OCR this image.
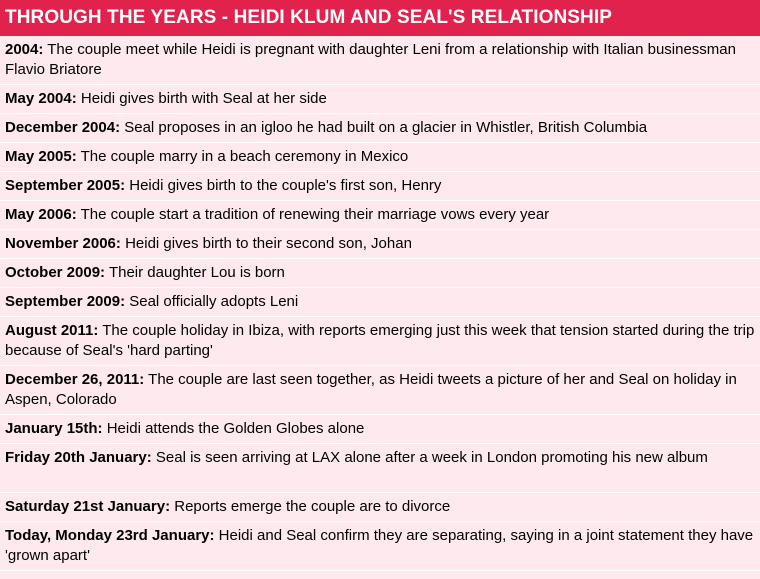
THROUGH THE YEARS - HEIDI KLUM AND SEAL'S RELATIONSHIP
2004: The couple meet while Heidi is pregnant with daughter Leni from a relationship with Italian businessman Flavio Briatore
May 2004: Heidi gives birth with Seal at her side
December 2004: Seal proposes in an igloo he had built on a glacier in Whistler, British Columbia
May 2005: The couple marry in a beach ceremony in Mexico
September 2005: Heidi gives birth to the couple's first son, Henry
May 2006: The couple start a tradition of renewing their marriage vows every year
November 2006: Heidi gives birth to their second son, Johan
October 2009: Their daughter Lou is born
September 2009: Seal officially adopts Leni
August 2011: The couple holiday in Ibiza, with reports emerging just this week that tension started during the trip because of Seal's 'hard parting'
December 26, 2011: The couple are last seen together, as Heidi tweets a picture of her and Seal on holiday in Aspen, Colorado
January 15th: Heidi attends the Golden Globes alone
Friday 20th January: Seal is seen arriving at LAX alone after a week in London promoting his new album
Saturday 21st January: Reports emerge the couple are to divorce
Today, Monday 23rd January: Heidi and Seal confirm they are separating, saying in a joint statement they have 'grown apart'
